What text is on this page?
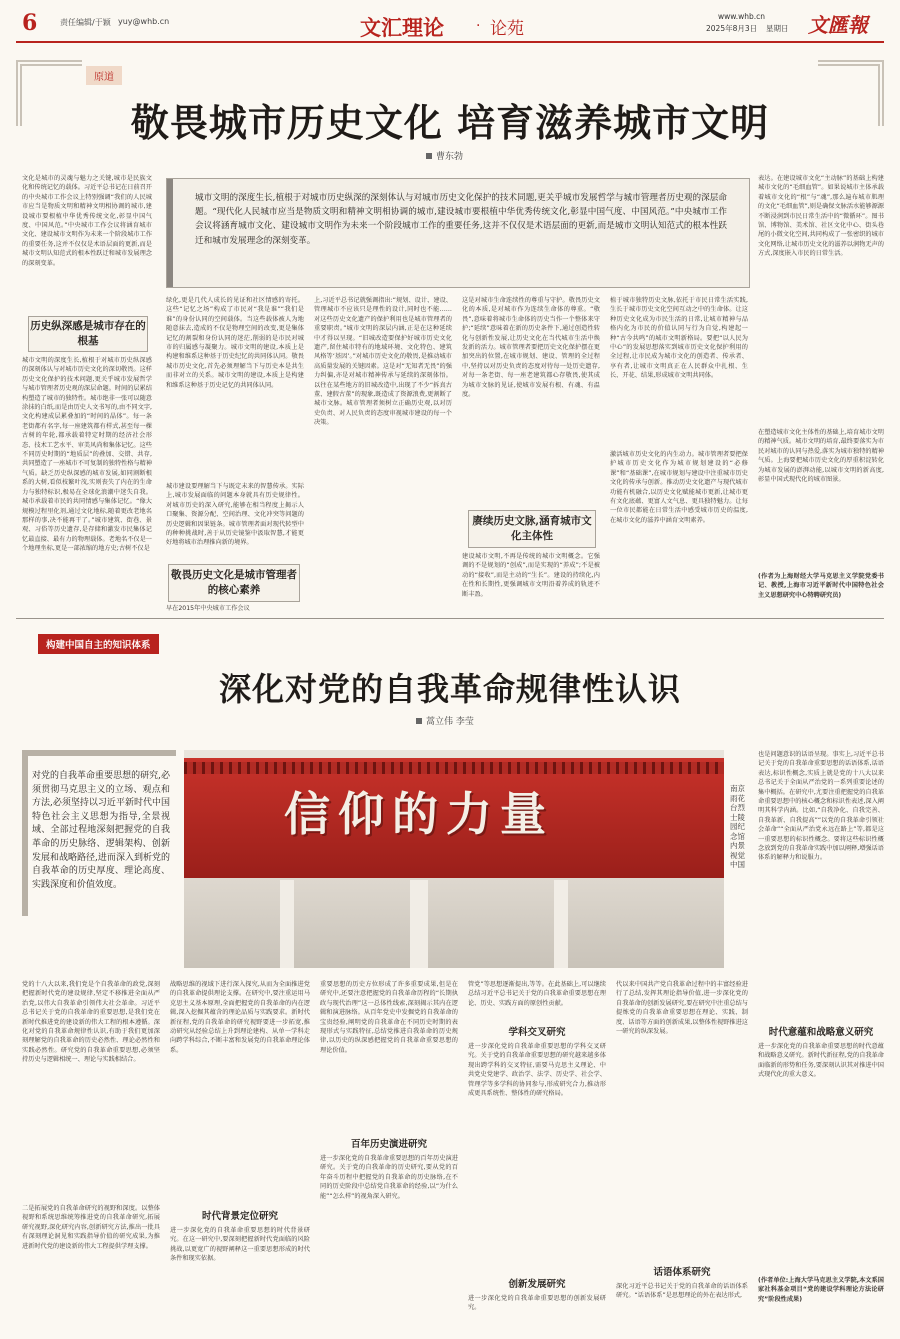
6	责任编辑/于颖 yuy@whb.cn	文汇理论 · 论苑
www.whb.cn
2025年8月3日 星期日 文匯報
原道
敬畏城市历史文化 培育滋养城市文明
曹东勃
文化是城市的灵魂与魅力之关键,城市是民族文化和传统记忆的载体。习近平总书记在日前召开的中央城市工作会议上特别强调“我们的人民城市应当是物质文明和精神文明相协调的城市,建设城市要根植中华优秀传统文化,彰显中国气度、中国风范。”中央城市工作会议将涵育城市文化、建设城市文明作为未来一个阶段城市工作的重要任务,这并不仅仅是术语层面的更新,而是城市文明认知范式的根本性跃迁和城市发展理念的深刻变革。
历史纵深感是城市存在的根基
城市文明的深度生长,植根于对城市历史纵深感的深刻体认与对城市历史文化的深切敬畏。这样历史文化保护的技术问题,更关乎城市发展哲学与城市管理者历史观的深层命题。时间的层累结构塑造了城市的独特性。城市绝非一张可以随意涂抹的白纸,而是由历史人文书写的,由不同文字,文化构建成层累叠加的“时间的晶体”。每一条老街都有名字,每一座建筑都有样式,甚至每一棵古树的年轮,都承载着特定时期的经济社会形态、技术工艺水平、审美风尚和集体记忆。这些不同历史时期的“地质层”的叠加、交错、共存,共同塑造了一座城市不可复制的独特性格与精神气质。缺乏历史纵深感的城市发展,如同割断根系的大树,看似枝繁叶茂,实则丧失了内在的生命力与独特标识,极易在全球化浪潮中迷失自我。城市承载着市民的共同情感与集体记忆。“像大规模过程里化剂,通过文化地标,随着更改老地名那样的事,决不能再干了。”城市建筑、街巷、景观、习俗等历史遗存,是存储和激发市民集体记忆最直接、最有力的物理载体。老地名不仅是一个地理坐标,更是一部浓缩的地方史;古树不仅是
城市文明的深度生长,植根于对城市历史纵深的深刻体认与对城市历史文化保护的技术同题,更关乎城市发展哲学与城市管理者历史观的深层命题。“现代化人民城市应当是物质文明和精神文明相协调的城市,建设城市要根植中华优秀传统文化,彰显中国气度、中国风范。”中央城市工作会议将涵育城市文化、建设城市文明作为未来一个阶段城市工作的重要任务,这并不仅仅是术语层面的更新,而是城市文明认知范式的根本性跃迁和城市发展理念的深刻变革。
绿化,更是几代人成长的见证和社区情感的寄托。这些“记忆之场”构成了市民对“我是谁”“我们是谁”的身份认同的空间载体。当这些载体被人为地随意抹去,造成的不仅是物理空间的改变,更是集体记忆的割裂和身份认同的迷茫,削弱的是市民对城市的归属感与凝聚力。城市文明的建设,本质上是构建和维系这种基于历史纪忆的共同体认同。敬畏城市历史文化,首先必须理解当下与历史本是共生而非对立的关系。城市文明的建设,本质上是构建和维系这种基于历史记忆的共同体认同。
城市建设要理解当下与既定未来的智慧传承。实际上,城市发展面临的问题本身就具有历史规律性。对城市历史的深入研究,能够在相当程度上揭示人口聚集、资源分配、空间治理、文化冲突等问题的历史逻辑和因果链条。城市管理者面对现代转型中的种种挑战时,善于从历史镜鉴中汲取智慧,才能更好地将城市治理推向新的境界。
敬畏历史文化是城市管理者的核心素养
早在2015年中央城市工作会议
上,习近平总书记就强调指出:“规划、设计、建设、管理城市不应该只是理性的设计,同时也不能……对这些历史文化遗产的保护利用也是城市管理者的重要职责。”城市文明的深层内涵,正是在这种延续中才得以呈现。“旧城改造要保护好城市历史文化遗产,留住城市特有的地域环境、文化特色、建筑风格等‘基因’。”对城市历史文化的敬畏,是推动城市高质量发展的关键因素。这是对“无知者无畏”的强力纠偏,亦是对城市精神传承与延续的深刻体悟。以往在某些地方的旧城改造中,出现了不少“拆真古董、建假古董”的现象,既造成了资源浪费,更割断了城市文脉。城市管理者须树立正确历史观,以对历史负责、对人民负责的态度审视城市建设的每一个决策。
这是对城市生命连续性的尊重与守护。敬畏历史文化的本质,是对城市作为连续生命体的尊重。“敬畏”,意味着将城市生命体的历史当作一个整体来守护;“延续”意味着在新的历史条件下,通过创造性转化与创新性发展,让历史文化在当代城市生活中焕发新的活力。城市管理者要把历史文化保护摆在更加突出的位置,在城市规划、建设、管理的全过程中,坚持以对历史负责的态度对待每一处历史遗存,对每一条老街、每一座老建筑都心存敬畏,使其成为城市文脉的见证,使城市发展有根、有魂、有温度。
赓续历史文脉,涵育城市文化主体性
建设城市文明,不再是传统的城市文明概念。它强调的不是规划的“创成”,而是实现的“养成”;不是被动的“接收”,而是主动的“生长”。建设的持续化,内在性和长期性,更强调城市文明沿着养成的轨迹不断丰盈。
植于城市独特历史文脉,依托于市民日常生活实践,生长于城市历史文化空间互动之中的生命体。让这种历史文化成为市民生活的日常,让城市精神与品格内化为市民的价值认同与行为自觉,构建起一种“古今共鸣”的城市文明新格局。要把“以人民为中心”的发展思想落实到城市历史文化保护利用的全过程,让市民成为城市文化的创造者、传承者、享有者,让城市文明真正在人民群众中扎根、生长、开花、结果,形成城市文明共同体。
激活城市历史文化的内生动力。城市管理者要把保护城市历史文化作为城市规划建设的“必修课”和“基础课”,在城市规划与建设中注重城市历史文化的传承与创新。推动历史文化遗产与现代城市功能有机融合,以历史文化赋能城市更新,让城市更有文化底蕴、更富人文气息、更具独特魅力。让每一位市民都能在日常生活中感受城市历史的温度,在城市文化的滋养中涵育文明素养。
表达。在建设城市文化“主动脉”的基础上构建城市文化的“毛细血管”。如果说城市主体承载着城市文化的“根”与“魂”,那么遍布城市肌理的文化“毛细血管”,则是确保文脉活水能够源源不断浸润到市民日常生活中的“微循环”。图书馆、博物馆、美术馆、社区文化中心、街头巷尾的小微文化空间,共同构成了一张密织的城市文化网络,让城市历史文化的滋养以润物无声的方式,深度嵌入市民的日常生活。
在塑造城市文化主体性的基础上,培育城市文明的精神气质。城市文明的培育,最终要落实为市民对城市的认同与热爱,落实为城市独特的精神气质。上海要把城市历史文化的厚重积淀转化为城市发展的澎湃动能,以城市文明的新高度,彰显中国式现代化的城市图景。
(作者为上海财经大学马克思主义学院党委书记、教授,上海市习近平新时代中国特色社会主义思想研究中心特聘研究员)
构建中国自主的知识体系
深化对党的自我革命规律性认识
蒿立伟 李莹
对党的自我革命重要思想的研究,必须贯彻马克思主义的立场、观点和方法,必须坚持以习近平新时代中国特色社会主义思想为指导,全景视域、全部过程地深刻把握党的自我革命的历史脉络、逻辑架构、创新发展和战略路径,进而深入到析党的自我革命的历史厚度、理论高度、实践深度和价值效度。
信仰的力量	南京雨花台烈士陵园纪念馆内景 视觉中国
也是问题意识的话语呈现。事实上,习近平总书记关于党的自我革命重要思想的话语体系,话语表达,标识性概念,实质上就是党的十八大以来总书记关于全面从严治党的一系列重要论述的集中概括。在研究中,尤要注重把握党的自我革命重要思想中的核心概念和标识性表述,深入阐明其科学内涵。比如,“自我净化、自我完善、自我革新、自我提高”“以党的自我革命引领社会革命”“全面从严治党永远在路上”等,都是这一重要思想的标识性概念。要将这些标识性概念放到党的自我革命实践中加以阐释,增强话语体系的解释力和说服力。
时代意蕴和战略意义研究
进一步深化党的自我革命重要思想的时代意蕴和战略意义研究。新时代新征程,党的自我革命面临新的形势和任务,要深刻认识其对推进中国式现代化的重大意义。
(作者单位:上海大学马克思主义学院,本文系国家社科基金项目“党的建设学科理论方法论研究”阶段性成果)
党的十八大以来,我们党是个自我革命的政党,深刻把握新时代党的建设规律,坚定不移推进全面从严治党,以伟大自我革命引领伟大社会革命。习近平总书记关于党的自我革命的重要思想,是我们党在新时代推进党的建设新的伟大工程的根本遵循。深化对党的自我革命规律性认识,有助于我们更加深刻理解党的自我革命的历史必然性、理论必然性和实践必然性。研究党的自我革命重要思想,必须坚持历史与逻辑相统一、理论与实践相结合。
二是拓展党的自我革命研究的视野和深度。以整体视野和系统思维统筹推进党的自我革命研究,拓展研究视野,深化研究内容,创新研究方法,推出一批具有深刻理论洞见和实践指导价值的研究成果,为推进新时代党的建设新的伟大工程提供学理支撑。
战略思维的视域下进行深入探究,从而为全面推进党的自我革命提供理论支撑。在研究中,要注重运用马克思主义基本原理,全面把握党的自我革命的内在逻辑,深入挖掘其蕴含的理论品质与实践要求。新时代新征程,党的自我革命的研究视野要进一步拓宽,推动研究从经验总结上升到理论建构、从单一学科走向跨学科综合,不断丰富和发展党的自我革命理论体系。
时代背景定位研究
进一步深化党的自我革命重要思想的时代背景研究。在这一研究中,要深刻把握新时代党面临的风险挑战,以更宽广的视野阐释这一重要思想形成的时代条件和现实依据。
重要思想的历史方位形成了许多重要成果,但是在研究中,还要注意把握党的自我革命历程的“长期执政与现代治理”这一总体性线索,深刻揭示其内在逻辑和演进脉络。从百年党史中发掘党的自我革命的宝贵经验,阐明党的自我革命在不同历史时期的表现形式与实践特征,总结党推进自我革命的历史规律,以历史的纵深感把握党的自我革命重要思想的理论价值。
百年历史演进研究
进一步深化党的自我革命重要思想的百年历史演进研究。关于党的自我革命的历史研究,要从党的百年奋斗历程中把握党的自我革命的历史脉络,在不同的历史阶段中总结党自我革命的经验,以“为什么能”“怎么样”的视角深入研究。
管党”等思想逐渐提出,等等。在此基础上,可以继续总结习近平总书记关于党的自我革命重要思想在理论、历史、实践方面的原创性贡献。
学科交叉研究
进一步深化党的自我革命重要思想的学科交叉研究。关于党的自我革命重要思想的研究越来越多体现出跨学科的交叉特征,需要马克思主义理论、中共党史党建学、政治学、法学、历史学、社会学、管理学等多学科的协同参与,形成研究合力,推动形成更具系统性、整体性的研究格局。
创新发展研究
进一步深化党的自我革命重要思想的创新发展研究。
代以来中国共产党自我革命过程中的丰富经验进行了总结,发挥其理论指导价值,进一步深化党的自我革命的创新发展研究,要在研究中注重总结与提炼党的自我革命重要思想在理论、实践、制度、话语等方面的创新成果,以整体性视野推进这一研究的纵深发展。
话语体系研究
深化习近平总书记关于党的自我革命的话语体系研究。“话语体系”是思想理论的外在表达形式,
